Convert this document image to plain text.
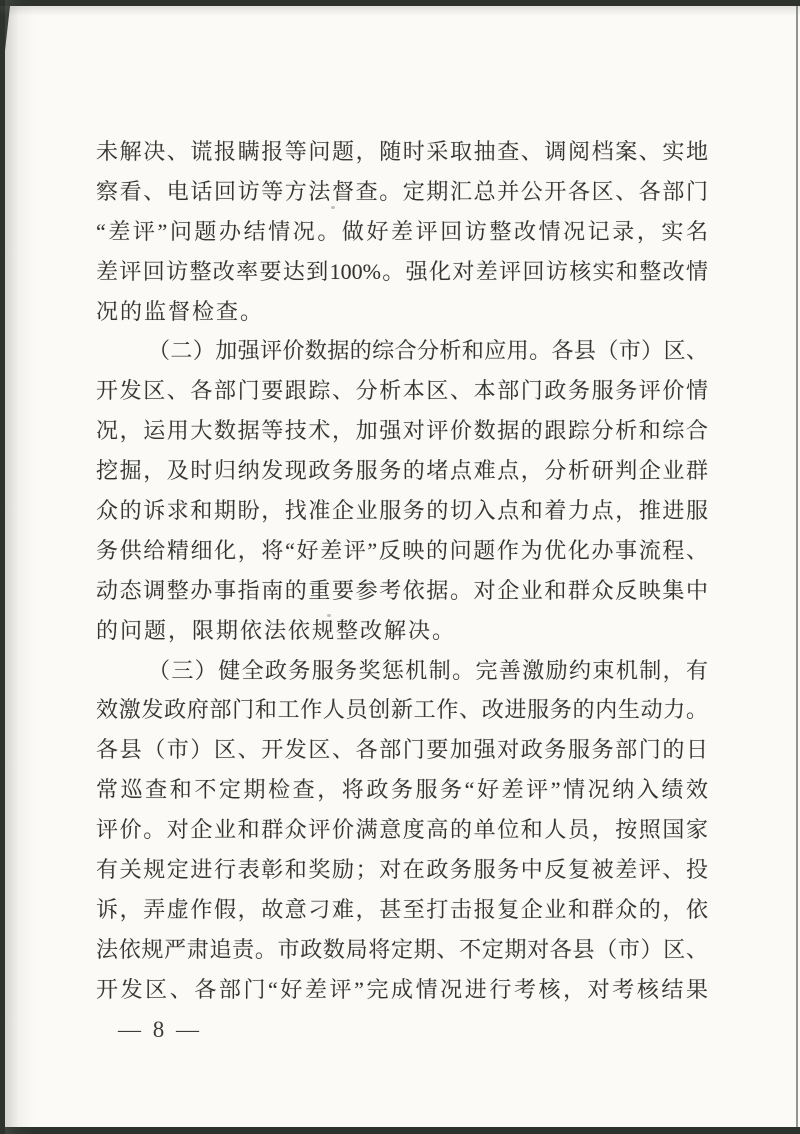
未解决、谎报瞒报等问题，随时采取抽查、调阅档案、实地
察看、电话回访等方法督查。定期汇总并公开各区、各部门
“差评”问题办结情况。做好差评回访整改情况记录，实名
差评回访整改率要达到100%。强化对差评回访核实和整改情
况的监督检查。
（二）加强评价数据的综合分析和应用。各县（市）区、
开发区、各部门要跟踪、分析本区、本部门政务服务评价情
况，运用大数据等技术，加强对评价数据的跟踪分析和综合
挖掘，及时归纳发现政务服务的堵点难点，分析研判企业群
众的诉求和期盼，找准企业服务的切入点和着力点，推进服
务供给精细化，将“好差评”反映的问题作为优化办事流程、
动态调整办事指南的重要参考依据。对企业和群众反映集中
的问题，限期依法依规整改解决。
（三）健全政务服务奖惩机制。完善激励约束机制，有
效激发政府部门和工作人员创新工作、改进服务的内生动力。
各县（市）区、开发区、各部门要加强对政务服务部门的日
常巡查和不定期检查，将政务服务“好差评”情况纳入绩效
评价。对企业和群众评价满意度高的单位和人员，按照国家
有关规定进行表彰和奖励；对在政务服务中反复被差评、投
诉，弄虚作假，故意刁难，甚至打击报复企业和群众的，依
法依规严肃追责。市政数局将定期、不定期对各县（市）区、
开发区、各部门“好差评”完成情况进行考核，对考核结果
— 8 —
